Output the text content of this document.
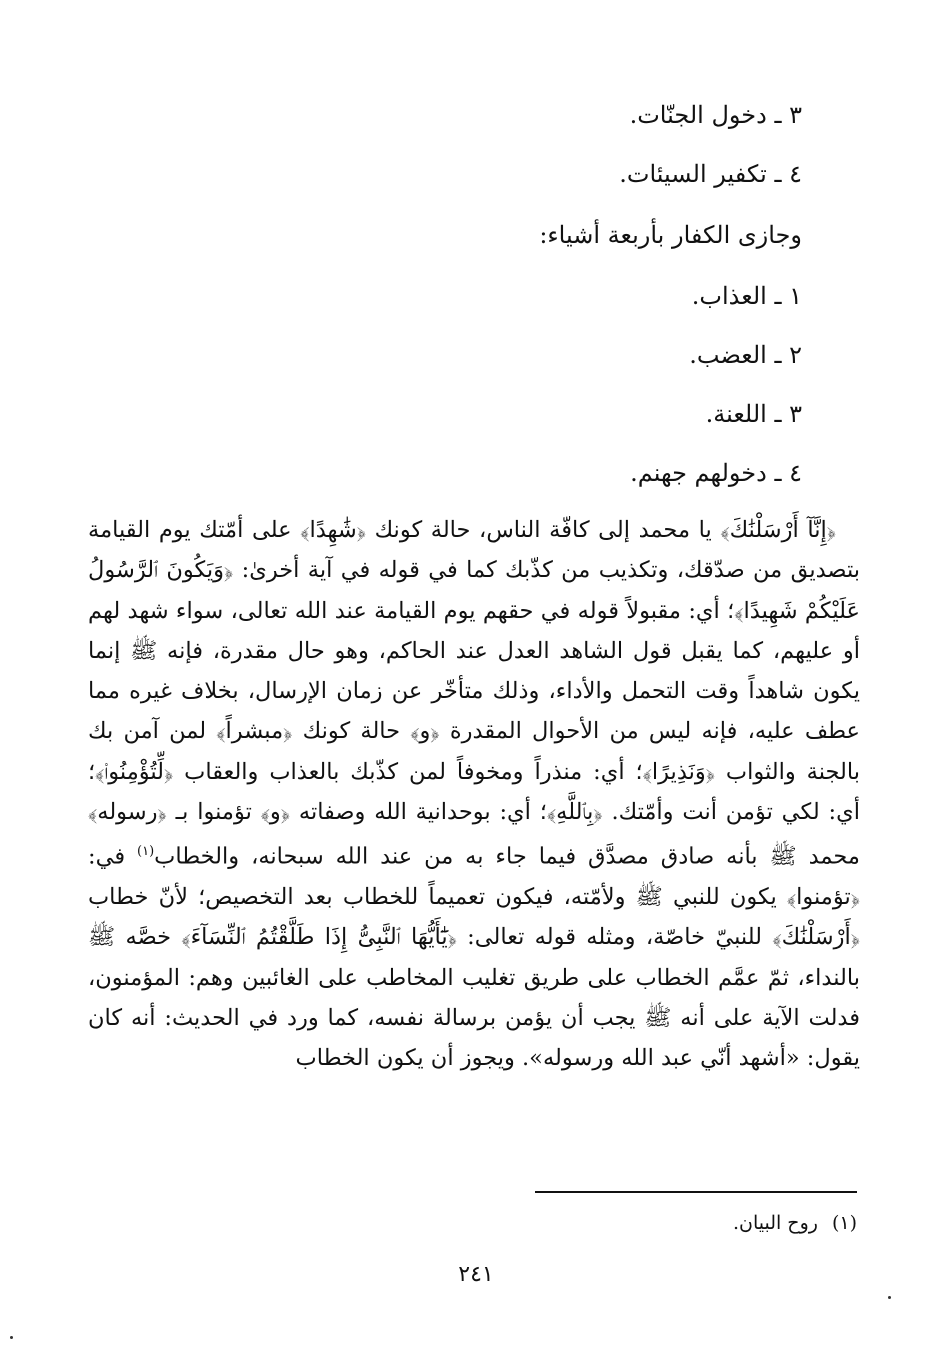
٣ ـ دخول الجنّات.
٤ ـ تكفير السيئات.
وجازى الكفار بأربعة أشياء:
١ ـ العذاب.
٢ ـ العضب.
٣ ـ اللعنة.
٤ ـ دخولهم جهنم.

﴿إِنَّآ أَرْسَلْنَٰكَ﴾ يا محمد إلى كافّة الناس، حالة كونك ﴿شَٰهِدًا﴾ على أمّتك يوم القيامة بتصديق من صدّقك، وتكذيب من كذّبك كما في قوله في آية أخرىٰ: ﴿وَيَكُونَ ٱلرَّسُولُ عَلَيْكُمْ شَهِيدًا﴾؛ أي: مقبولاً قوله في حقهم يوم القيامة عند الله تعالى، سواء شهد لهم أو عليهم، كما يقبل قول الشاهد العدل عند الحاكم، وهو حال مقدرة، فإنه ﷺ إنما يكون شاهداً وقت التحمل والأداء، وذلك متأخّر عن زمان الإرسال، بخلاف غيره مما عطف عليه، فإنه ليس من الأحوال المقدرة ﴿و﴾ حالة كونك ﴿مبشراً﴾ لمن آمن بك بالجنة والثواب ﴿وَنَذِيرًا﴾؛ أي: منذراً ومخوفاً لمن كذّبك بالعذاب والعقاب ﴿لِّتُؤْمِنُوا۟﴾؛ أي: لكي تؤمن أنت وأمّتك. ﴿بِٱللَّهِ﴾؛ أي: بوحدانية الله وصفاته ﴿و﴾ تؤمنوا بـ ﴿رسوله﴾ محمد ﷺ بأنه صادق مصدَّق فيما جاء به من عند الله سبحانه، والخطاب$^{(١)}$ في: ﴿تؤمنوا﴾ يكون للنبي ﷺ ولأمّته، فيكون تعميماً للخطاب بعد التخصيص؛ لأنّ خطاب ﴿أَرْسَلْنَٰكَ﴾ للنبيّ خاصّة، ومثله قوله تعالى: ﴿يَٰٓأَيُّهَا ٱلنَّبِىُّ إِذَا طَلَّقْتُمُ ٱلنِّسَآءَ﴾ خصَّه ﷺ بالنداء، ثمّ عمَّم الخطاب على طريق تغليب المخاطب على الغائبين وهم: المؤمنون، فدلت الآية على أنه ﷺ يجب أن يؤمن برسالة نفسه، كما ورد في الحديث: أنه كان يقول: «أشهد أنّي عبد الله ورسوله». ويجوز أن يكون الخطاب

(١)روح البيان.
٢٤١
